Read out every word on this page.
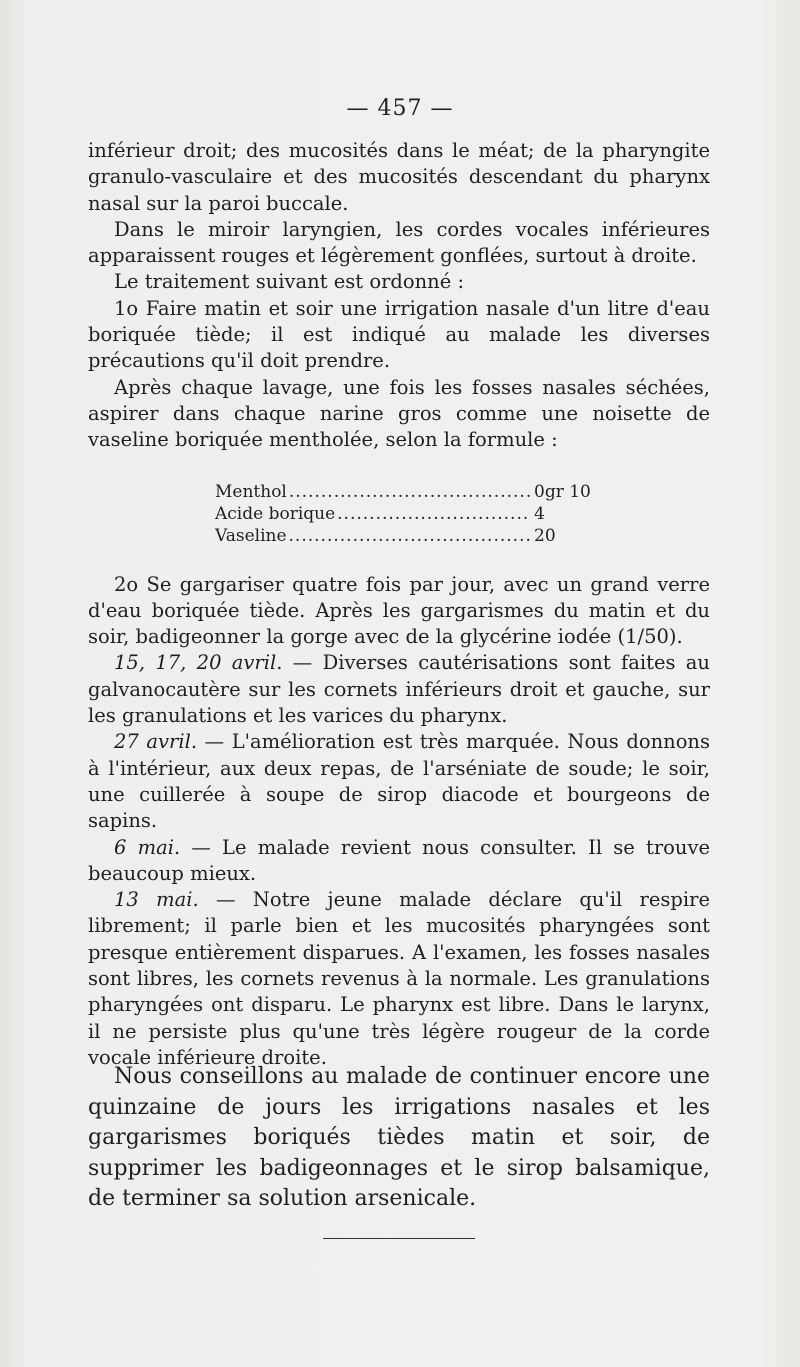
— 457 —

inférieur droit; des mucosités dans le méat; de la pharyngite granulo-vasculaire et des mucosités descendant du pharynx nasal sur la paroi buccale.

Dans le miroir laryngien, les cordes vocales inférieures apparaissent rouges et légèrement gonflées, surtout à droite.

Le traitement suivant est ordonné :

1o Faire matin et soir une irrigation nasale d'un litre d'eau boriquée tiède; il est indiqué au malade les diverses précautions qu'il doit prendre.

Après chaque lavage, une fois les fosses nasales séchées, aspirer dans chaque narine gros comme une noisette de vaseline boriquée mentholée, selon la formule :

Menthol .....	0gr 10
Acide borique .....	4
Vaseline .....	20

2o Se gargariser quatre fois par jour, avec un grand verre d'eau boriquée tiède. Après les gargarismes du matin et du soir, badigeonner la gorge avec de la glycérine iodée (1/50).

15, 17, 20 avril. — Diverses cautérisations sont faites au galvanocautère sur les cornets inférieurs droit et gauche, sur les granulations et les varices du pharynx.

27 avril. — L'amélioration est très marquée. Nous donnons à l'intérieur, aux deux repas, de l'arséniate de soude; le soir, une cuillerée à soupe de sirop diacode et bourgeons de sapins.

6 mai. — Le malade revient nous consulter. Il se trouve beaucoup mieux.

13 mai. — Notre jeune malade déclare qu'il respire librement; il parle bien et les mucosités pharyngées sont presque entièrement disparues. A l'examen, les fosses nasales sont libres, les cornets revenus à la normale. Les granulations pharyngées ont disparu. Le pharynx est libre. Dans le larynx, il ne persiste plus qu'une très légère rougeur de la corde vocale inférieure droite.

Nous conseillons au malade de continuer encore une quinzaine de jours les irrigations nasales et les gargarismes boriqués tièdes matin et soir, de supprimer les badigeonnages et le sirop balsamique, de terminer sa solution arsenicale.
